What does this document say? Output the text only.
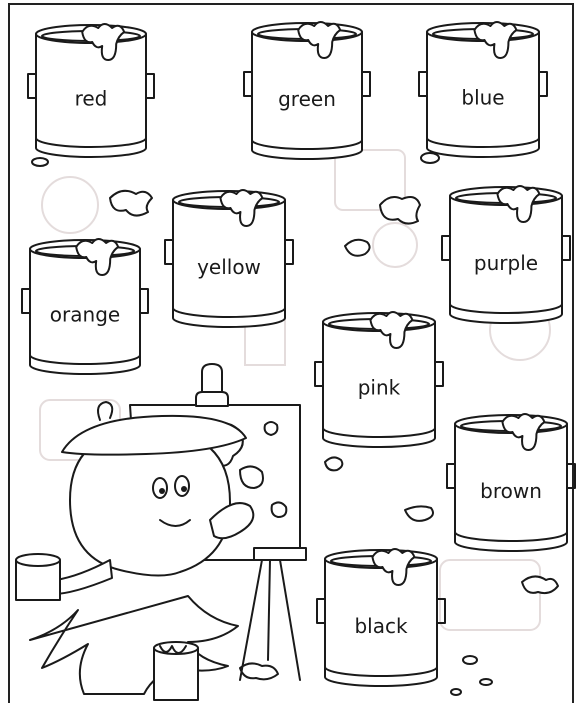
red	green	blue
orange
yellow	purple
pink
brown
black
